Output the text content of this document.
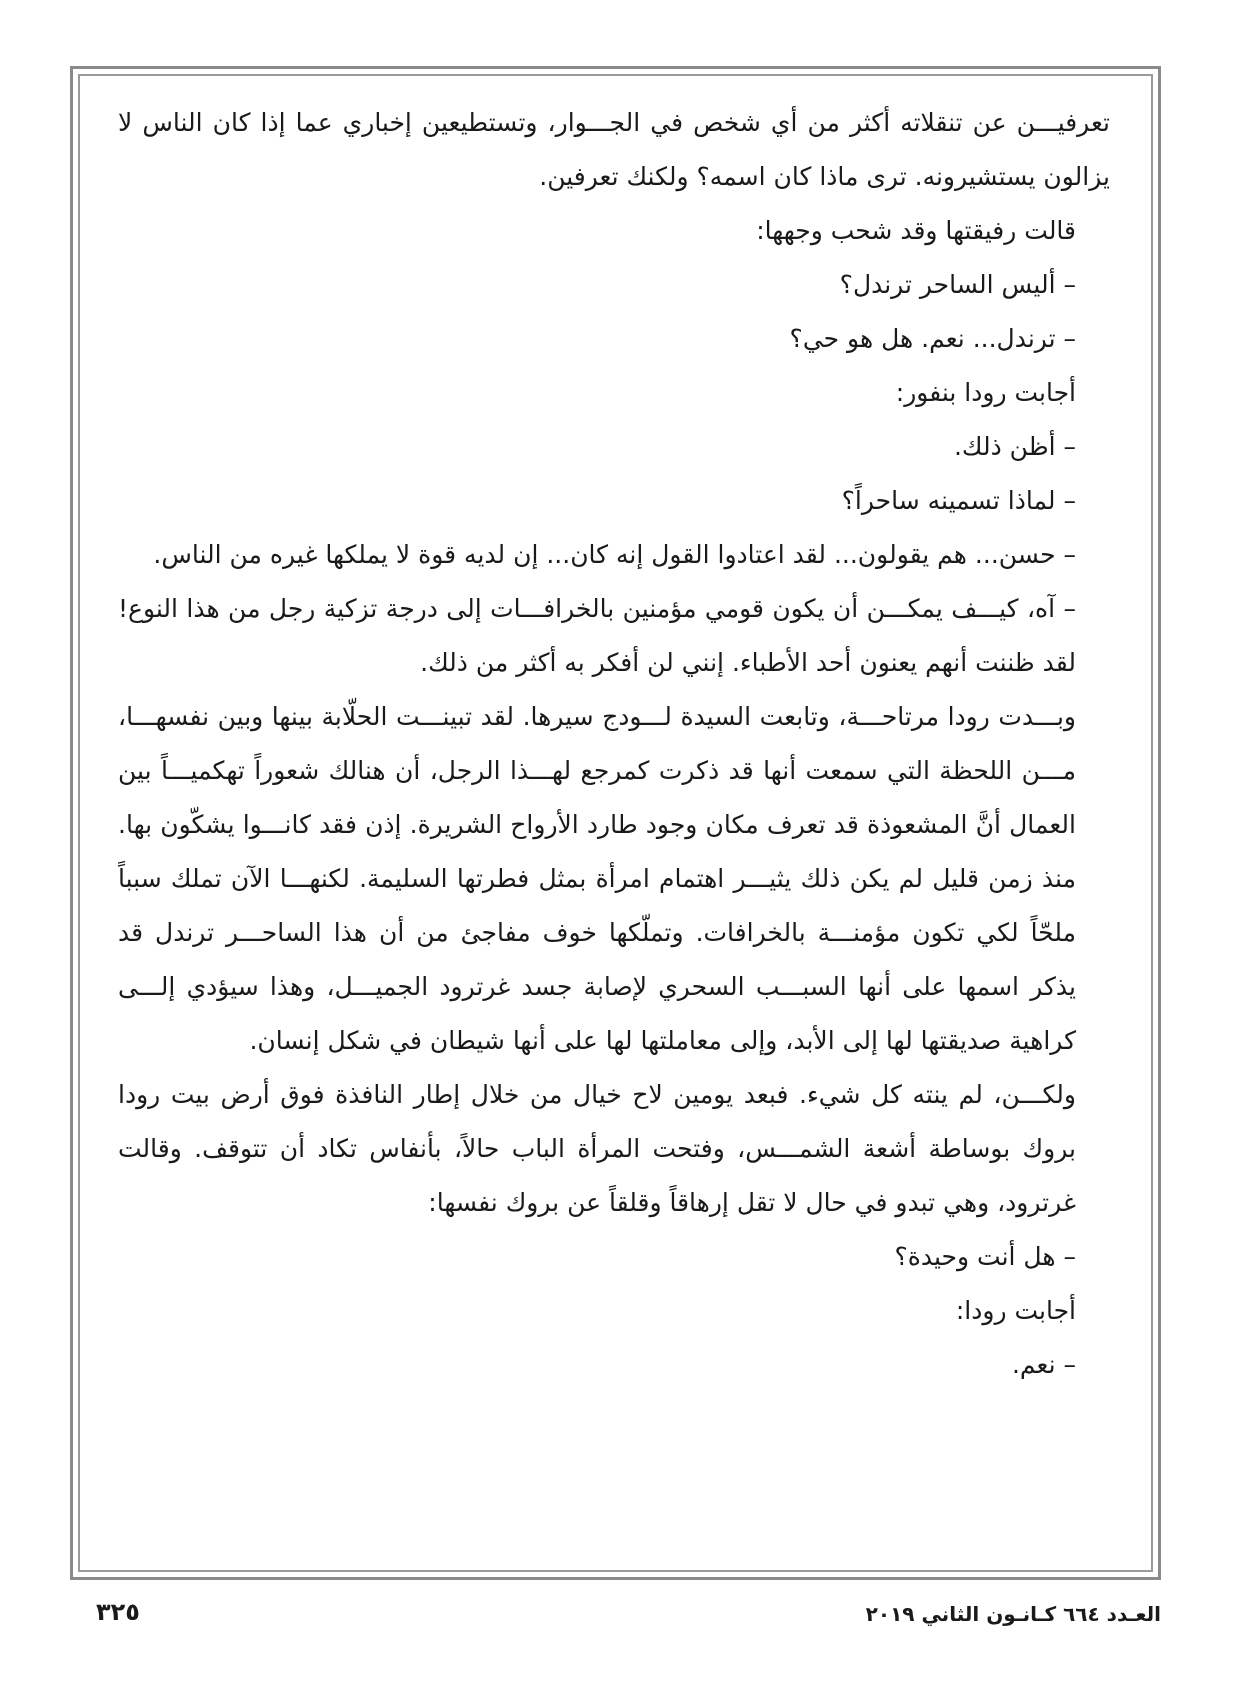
تعرفيـــن عن تنقلاته أكثر من أي شخص في الجـــوار، وتستطيعين إخباري عما إذا كان الناس لا يزالون يستشيرونه. ترى ماذا كان اسمه؟ ولكنك تعرفين.

قالت رفيقتها وقد شحب وجهها:

– أليس الساحر ترندل؟

– ترندل... نعم. هل هو حي؟

أجابت رودا بنفور:

– أظن ذلك.

– لماذا تسمينه ساحراً؟

– حسن... هم يقولون... لقد اعتادوا القول إنه كان... إن لديه قوة لا يملكها غيره من الناس.

– آه، كيـــف يمكـــن أن يكون قومي مؤمنين بالخرافـــات إلى درجة تزكية رجل من هذا النوع! لقد ظننت أنهم يعنون أحد الأطباء. إنني لن أفكر به أكثر من ذلك.

وبـــدت رودا مرتاحـــة، وتابعت السيدة لـــودج سيرها. لقد تبينـــت الحلّابة بينها وبين نفسهـــا، مـــن اللحظة التي سمعت أنها قد ذكرت كمرجع لهـــذا الرجل، أن هنالك شعوراً تهكميـــاً بين العمال أنَّ المشعوذة قد تعرف مكان وجود طارد الأرواح الشريرة. إذن فقد كانـــوا يشكّون بها. منذ زمن قليل لم يكن ذلك يثيـــر اهتمام امرأة بمثل فطرتها السليمة. لكنهـــا الآن تملك سبباً ملحّاً لكي تكون مؤمنـــة بالخرافات. وتملّكها خوف مفاجئ من أن هذا الساحـــر ترندل قد يذكر اسمها على أنها السبـــب السحري لإصابة جسد غرترود الجميـــل، وهذا سيؤدي إلـــى كراهية صديقتها لها إلى الأبد، وإلى معاملتها لها على أنها شيطان في شكل إنسان.

ولكـــن، لم ينته كل شيء. فبعد يومين لاح خيال من خلال إطار النافذة فوق أرض بيت رودا بروك بوساطة أشعة الشمـــس، وفتحت المرأة الباب حالاً، بأنفاس تكاد أن تتوقف. وقالت غرترود، وهي تبدو في حال لا تقل إرهاقاً وقلقاً عن بروك نفسها:

– هل أنت وحيدة؟

أجابت رودا:

– نعم.

العـدد ٦٦٤ كـانـون الثاني ٢٠١٩
٣٢٥
